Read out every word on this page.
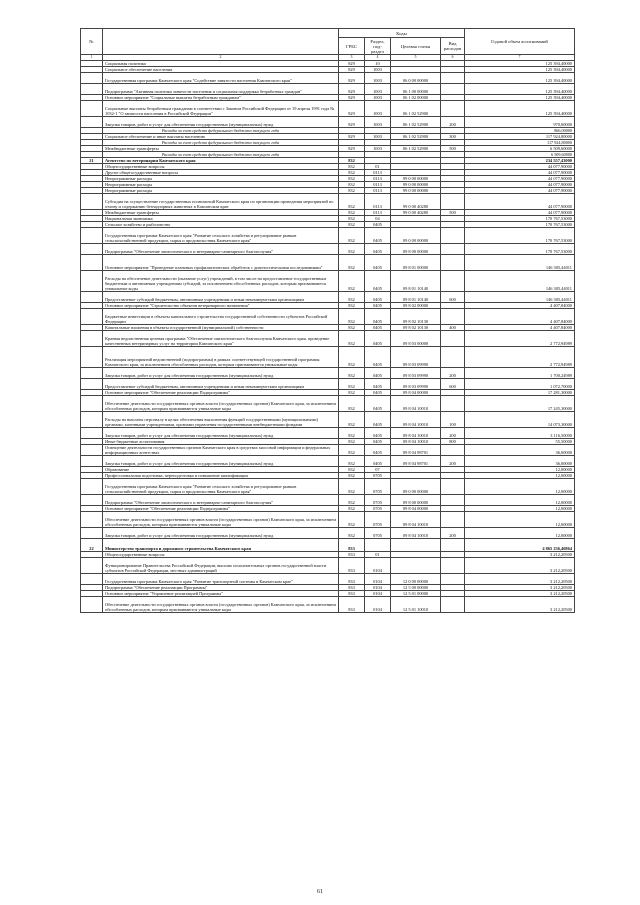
№		Коды				Годовой объем ассигнований
		ГРБС	Раздел, под-раздел	Целевая статья	Вид расходов	
1	2	3	4	5	6	7
	Социальная политика	829	10			125 394,40000
	Социальное обеспечение населения	829	1003			125 394,40000
	Государственная программа Камчатского края "Содействие занятости населения Камчатского края"	829	1003	06 0 00 00000		125 394,40000
	Подпрограмма "Активная политика занятости населения и социальная поддержка безработных граждан"	829	1003	06 1 00 00000		125 394,40000
	Основное мероприятие "Социальные выплаты безработным гражданам"	829	1003	06 1 02 00000		125 394,40000
	Социальные выплаты безработным гражданам в соответствии с Законом Российской Федерации от 19 апреля 1991 года № 1032-1 "О занятости населения в Российской Федерации"	829	1003	06 1 02 52900		125 394,40000
	Закупка товаров, работ и услуг для обеспечения государственных (муниципальных) нужд	829	1003	06 1 02 52900	200	970,00000
	Расходы за счет средств федерального бюджета текущего года					866,00000
	Социальное обеспечение и иные выплаты населению	829	1003	06 1 02 52900	300	117 924,80000
	Расходы за счет средств федерального бюджета текущего года					117 924,80000
	Межбюджетные трансферты	829	1003	06 1 02 52900	500	6 509,60000
	Расходы за счет средств федерального бюджета текущего года					6 509,60000
21	Агентство по ветеринарии Камчатского края	832				234 557,43000
	Общегосударственные вопросы	832	01			44 077,90000
	Другие общегосударственные вопросы	832	0113			44 077,90000
	Непрограммные расходы	832	0113	99 0 00 00000		44 077,90000
	Непрограммные расходы	832	0113	99 0 00 00000		44 077,90000
	Непрограммные расходы	832	0113	99 0 00 00000		44 077,90000
	Субсидия на осуществление государственных полномочий Камчатского края по организации проведения мероприятий по отлову и содержанию безнадзорных животных в Камчатском крае	832	0113	99 0 00 40280		44 077,90000
	Межбюджетные трансферты	832	0113	99 0 00 40280	500	44 077,90000
	Национальная экономика	832	04			170 767,53000
	Сельское хозяйство и рыболовство	832	0405			170 767,53000
	Государственная программа Камчатского края "Развитие сельского хозяйства и регулирование рынков сельскохозяйственной продукции, сырья и продовольствия Камчатского края"	832	0405	09 0 00 00000		170 767,53000
	Подпрограмма "Обеспечение эпизоотического и ветеринарно-санитарного благополучия"	832	0405	09 8 00 00000		170 767,53000
	Основное мероприятие "Проведение плановых профилактических обработок с диагностическими исследованиями"	832	0405	09 8 01 00000		146 305,44011
	Расходы на обеспечение деятельности (оказание услуг) учреждений, в том числе на предоставление государственным бюджетным и автономным учреждениям субсидий, за исключением обособленных расходов, которым присваиваются уникальные коды	832	0405	09 8 01 10140		146 305,44011
	Предоставление субсидий бюджетным, автономным учреждениям и иным некоммерческим организациям	832	0405	09 8 01 10140	600	146 305,44011
	Основное мероприятие "Строительство объектов ветеринарного назначения"	832	0405	09 8 02 00000		4 407,84000
	Бюджетные инвестиции в объекты капитального строительства государственной собственности субъектов Российской Федерации	832	0405	09 8 02 10130		4 407,84000
	Капитальные вложения в объекты государственной (муниципальной) собственности	832	0405	09 8 02 10130	400	4 407,84000
	Краевая ведомственная целевая программа "Обеспечение эпизоотического благополучия Камчатского края, проведение качественных ветеринарных услуг на территории Камчатского края"	832	0405	09 8 03 00000		2 772,94989
	Реализация мероприятий ведомственной (подпрограммы) в рамках соответствующей государственной программы Камчатского края, за исключением обособленных расходов, которым присваиваются уникальные коды	832	0405	09 8 03 09990		2 772,94989
	Закупка товаров, работ и услуг для обеспечения государственных (муниципальных) нужд	832	0405	09 8 03 09990	200	1 700,24989
	Предоставление субсидий бюджетным, автономным учреждениям и иным некоммерческим организациям	832	0405	09 8 03 09990	600	1 072,70000
	Основное мероприятие "Обеспечение реализации Подпрограммы"	832	0405	09 8 04 00000		17 281,30000
	Обеспечение деятельности государственных органов власти (государственных органов) Камчатского края, за исключением обособленных расходов, которым присваиваются уникальные коды	832	0405	09 8 04 10010		17 245,30000
	Расходы на выплаты персоналу в целях обеспечения выполнения функций государственными (муниципальными) органами, казенными учреждениями, органами управления государственными внебюджетными фондами	832	0405	09 8 04 10010	100	14 073,30000
	Закупка товаров, работ и услуг для обеспечения государственных (муниципальных) нужд	832	0405	09 8 04 10010	200	3 116,50000
	Иные бюджетные ассигнования	832	0405	09 8 04 10010	800	55,50000
	Освещение деятельности государственных органов Камчатского края в средствах массовой информации и федеральных информационных агентствах	832	0405	09 8 04 98701		36,00000
	Закупка товаров, работ и услуг для обеспечения государственных (муниципальных) нужд	832	0405	09 8 04 98701	200	36,00000
	Образование	832	07			12,00000
	Профессиональная подготовка, переподготовка и повышение квалификации	832	0705			12,00000
	Государственная программа Камчатского края "Развитие сельского хозяйства и регулирование рынков сельскохозяйственной продукции, сырья и продовольствия Камчатского края"	832	0705	09 0 00 00000		12,00000
	Подпрограмма "Обеспечение эпизоотического и ветеринарно-санитарного благополучия"	832	0705	09 8 00 00000		12,00000
	Основное мероприятие "Обеспечение реализации Подпрограммы"	832	0705	09 8 04 00000		12,00000
	Обеспечение деятельности государственных органов власти (государственных органов) Камчатского края, за исключением обособленных расходов, которым присваиваются уникальные коды	832	0705	09 8 04 10010		12,00000
	Закупка товаров, работ и услуг для обеспечения государственных (муниципальных) нужд	832	0705	09 8 04 10010	200	12,00000
22	Министерство транспорта и дорожного строительства Камчатского края	833				4 865 236,46864
	Общегосударственные вопросы	833	01			3 212,20500
	Функционирование Правительства Российской Федерации, высших исполнительных органов государственной власти субъектов Российской Федерации, местных администраций	833	0104			3 212,20500
	Государственная программа Камчатского края "Развитие транспортной системы в Камчатском крае"	833	0104	12 0 00 00000		3 212,20500
	Подпрограмма "Обеспечение реализации Программы"	833	0104	12 5 00 00000		3 212,20500
	Основное мероприятие "Управление реализацией Программы"	833	0104	12 5 01 00000		3 212,20500
	Обеспечение деятельности государственных органов власти (государственных органов) Камчатского края, за исключением обособленных расходов, которым присваиваются уникальные коды	833	0104	12 5 01 10010		3 212,20500
61
